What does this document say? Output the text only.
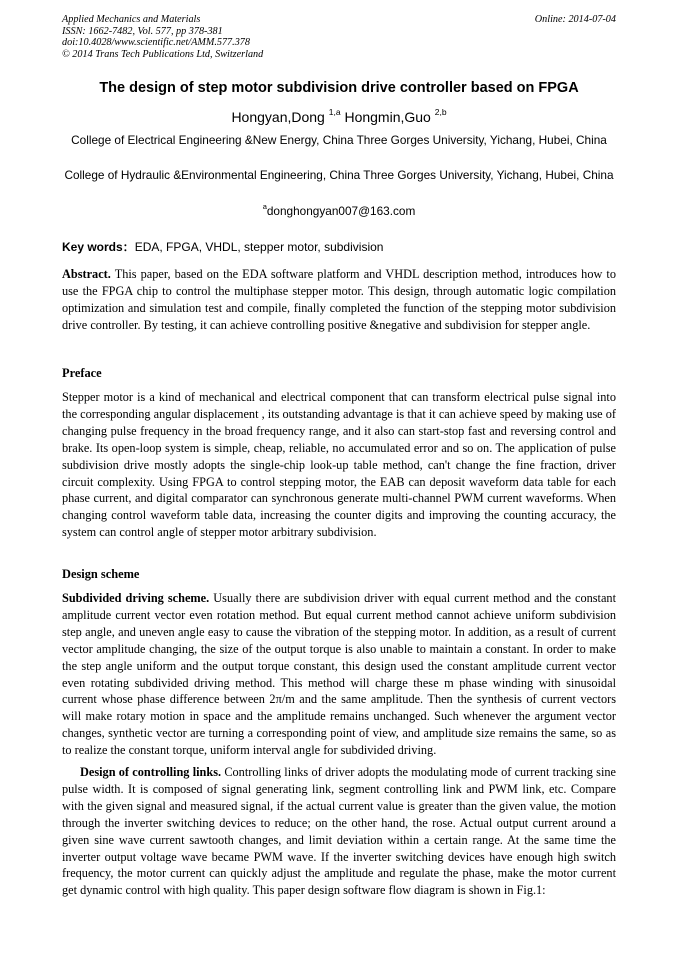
Applied Mechanics and Materials
ISSN: 1662-7482, Vol. 577, pp 378-381
doi:10.4028/www.scientific.net/AMM.577.378
© 2014 Trans Tech Publications Ltd, Switzerland
Online: 2014-07-04
The design of step motor subdivision drive controller based on FPGA
Hongyan,Dong $^{1,a}$ Hongmin,Guo $^{2,b}$
College of Electrical Engineering &New Energy, China Three Gorges University, Yichang, Hubei, China
College of Hydraulic &Environmental Engineering, China Three Gorges University, Yichang, Hubei, China
$^a$donghongyan007@163.com
Key words：EDA, FPGA, VHDL, stepper motor, subdivision
Abstract. This paper, based on the EDA software platform and VHDL description method, introduces how to use the FPGA chip to control the multiphase stepper motor. This design, through automatic logic compilation optimization and simulation test and compile, finally completed the function of the stepping motor subdivision drive controller. By testing, it can achieve controlling positive &negative and subdivision for stepper angle.
Preface
Stepper motor is a kind of mechanical and electrical component that can transform electrical pulse signal into the corresponding angular displacement , its outstanding advantage is that it can achieve speed by making use of changing pulse frequency in the broad frequency range, and it also can start-stop fast and reversing control and brake. Its open-loop system is simple, cheap, reliable, no accumulated error and so on. The application of pulse subdivision drive mostly adopts the single-chip look-up table method, can't change the fine fraction, driver circuit complexity. Using FPGA to control stepping motor, the EAB can deposit waveform data table for each phase current, and digital comparator can synchronous generate multi-channel PWM current waveforms. When changing control waveform table data, increasing the counter digits and improving the counting accuracy, the system can control angle of stepper motor arbitrary subdivision.
Design scheme
Subdivided driving scheme. Usually there are subdivision driver with equal current method and the constant amplitude current vector even rotation method. But equal current method cannot achieve uniform subdivision step angle, and uneven angle easy to cause the vibration of the stepping motor. In addition, as a result of current vector amplitude changing, the size of the output torque is also unable to maintain a constant. In order to make the step angle uniform and the output torque constant, this design used the constant amplitude current vector even rotating subdivided driving method. This method will charge these m phase winding with sinusoidal current whose phase difference between 2π/m and the same amplitude. Then the synthesis of current vectors will make rotary motion in space and the amplitude remains unchanged. Such whenever the argument vector changes, synthetic vector are turning a corresponding point of view, and amplitude size remains the same, so as to realize the constant torque, uniform interval angle for subdivided driving.
Design of controlling links. Controlling links of driver adopts the modulating mode of current tracking sine pulse width. It is composed of signal generating link, segment controlling link and PWM link, etc. Compare with the given signal and measured signal, if the actual current value is greater than the given value, the motion through the inverter switching devices to reduce; on the other hand, the rose. Actual output current around a given sine wave current sawtooth changes, and limit deviation within a certain range. At the same time the inverter output voltage wave became PWM wave. If the inverter switching devices have enough high switch frequency, the motor current can quickly adjust the amplitude and regulate the phase, make the motor current get dynamic control with high quality. This paper design software flow diagram is shown in Fig.1:
